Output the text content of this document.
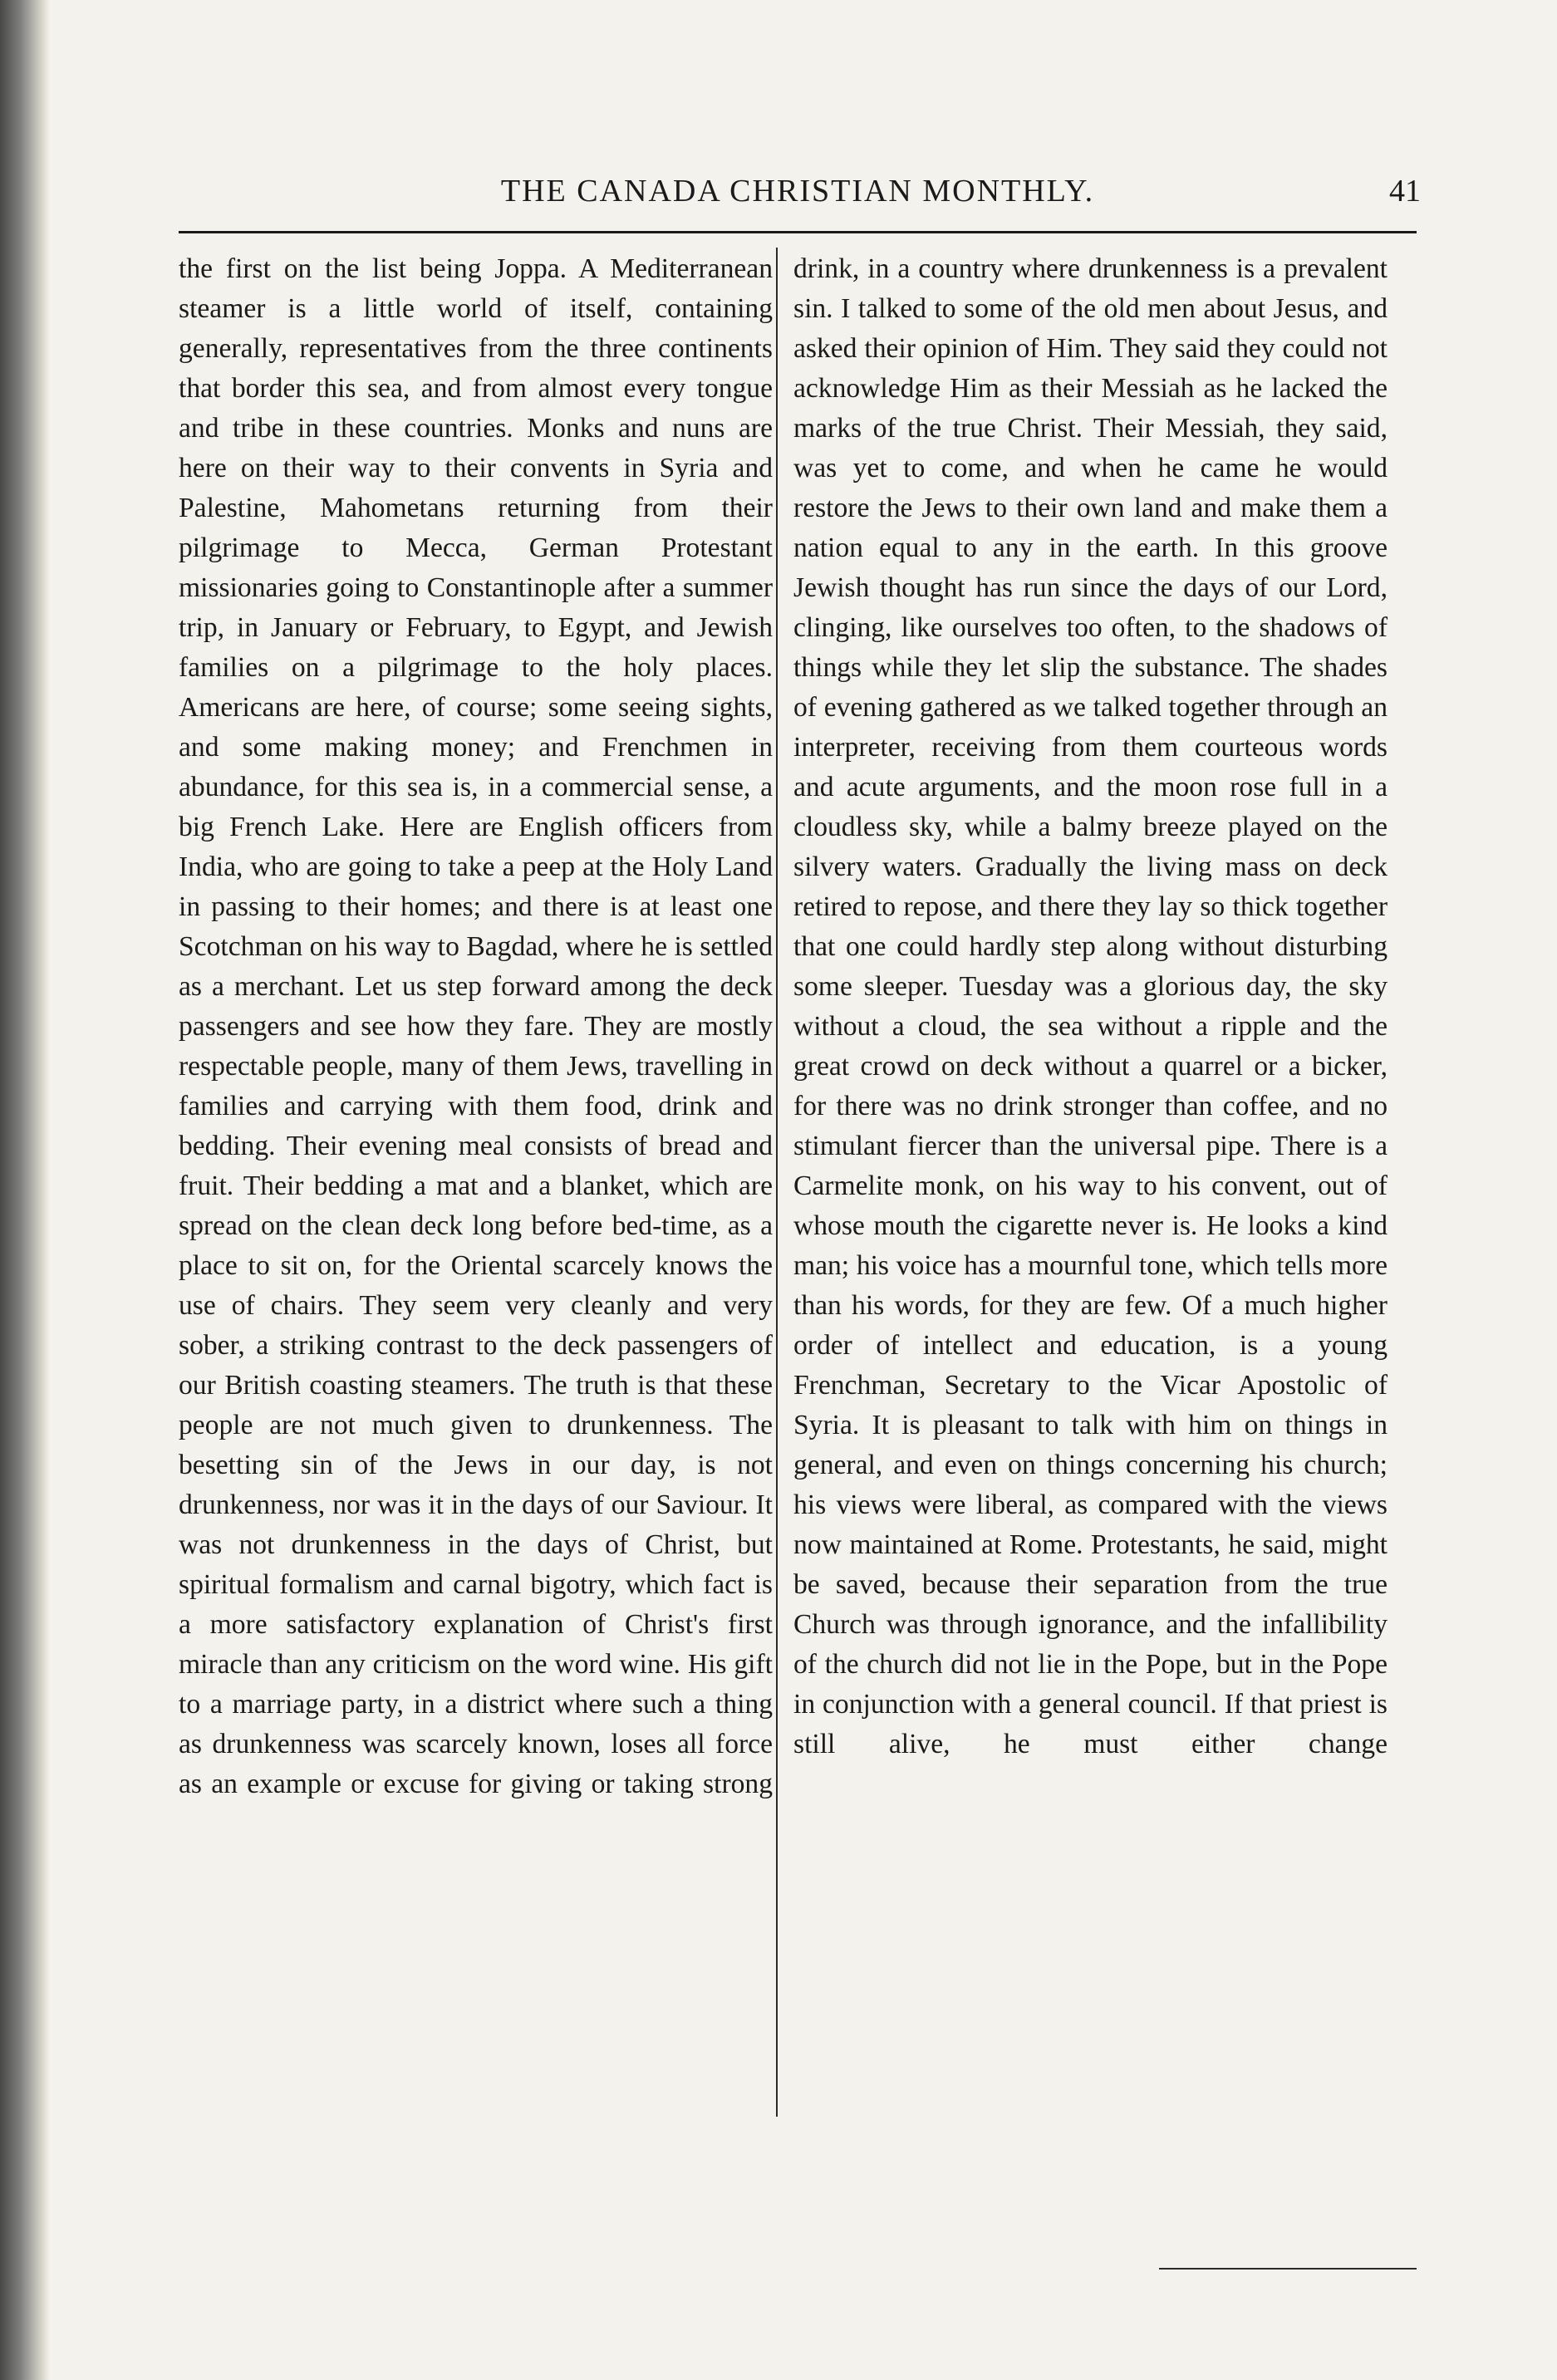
THE CANADA CHRISTIAN MONTHLY.	41

the first on the list being Joppa. A Mediterranean steamer is a little world of itself, containing generally, representatives from the three continents that border this sea, and from almost every tongue and tribe in these countries. Monks and nuns are here on their way to their convents in Syria and Palestine, Mahometans returning from their pilgrimage to Mecca, German Protestant missionaries going to Constantinople after a summer trip, in January or February, to Egypt, and Jewish families on a pilgrimage to the holy places. Americans are here, of course; some seeing sights, and some making money; and Frenchmen in abundance, for this sea is, in a commercial sense, a big French Lake. Here are English officers from India, who are going to take a peep at the Holy Land in passing to their homes; and there is at least one Scotchman on his way to Bagdad, where he is settled as a merchant. Let us step forward among the deck passengers and see how they fare. They are mostly respectable people, many of them Jews, travelling in families and carrying with them food, drink and bedding. Their evening meal consists of bread and fruit. Their bedding a mat and a blanket, which are spread on the clean deck long before bed-time, as a place to sit on, for the Oriental scarcely knows the use of chairs. They seem very cleanly and very sober, a striking contrast to the deck passengers of our British coasting steamers. The truth is that these people are not much given to drunkenness. The besetting sin of the Jews in our day, is not drunkenness, nor was it in the days of our Saviour. It was not drunkenness in the days of Christ, but spiritual formalism and carnal bigotry, which fact is a more satisfactory explanation of Christ's first miracle than any criticism on the word wine. His gift to a marriage party, in a district where such a thing as drunkenness was scarcely known, loses all force as an example or excuse for giving or taking strong

drink, in a country where drunkenness is a prevalent sin. I talked to some of the old men about Jesus, and asked their opinion of Him. They said they could not acknowledge Him as their Messiah as he lacked the marks of the true Christ. Their Messiah, they said, was yet to come, and when he came he would restore the Jews to their own land and make them a nation equal to any in the earth. In this groove Jewish thought has run since the days of our Lord, clinging, like ourselves too often, to the shadows of things while they let slip the substance. The shades of evening gathered as we talked together through an interpreter, receiving from them courteous words and acute arguments, and the moon rose full in a cloudless sky, while a balmy breeze played on the silvery waters. Gradually the living mass on deck retired to repose, and there they lay so thick together that one could hardly step along without disturbing some sleeper. Tuesday was a glorious day, the sky without a cloud, the sea without a ripple and the great crowd on deck without a quarrel or a bicker, for there was no drink stronger than coffee, and no stimulant fiercer than the universal pipe. There is a Carmelite monk, on his way to his convent, out of whose mouth the cigarette never is. He looks a kind man; his voice has a mournful tone, which tells more than his words, for they are few. Of a much higher order of intellect and education, is a young Frenchman, Secretary to the Vicar Apostolic of Syria. It is pleasant to talk with him on things in general, and even on things concerning his church; his views were liberal, as compared with the views now maintained at Rome. Protestants, he said, might be saved, because their separation from the true Church was through ignorance, and the infallibility of the church did not lie in the Pope, but in the Pope in conjunction with a general council. If that priest is still alive, he must either change
